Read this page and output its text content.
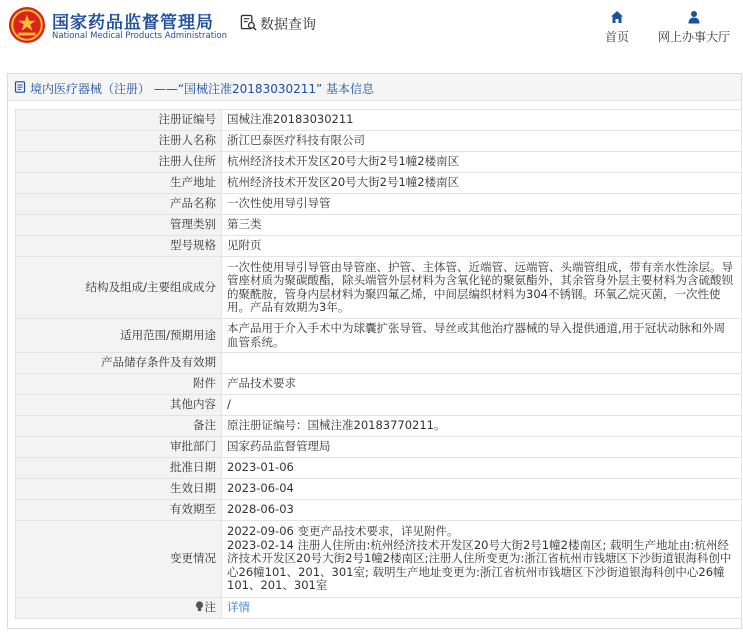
国家药品监督管理局
National Medical Products Administration
数据查询
首页	网上办事大厅
境内医疗器械（注册） ——“国械注准20183030211” 基本信息
注册证编号	国械注准20183030211
注册人名称	浙江巴泰医疗科技有限公司
注册人住所	杭州经济技术开发区20号大街2号1幢2楼南区
生产地址	杭州经济技术开发区20号大街2号1幢2楼南区
产品名称	一次性使用导引导管
管理类别	第三类
型号规格	见附页
结构及组成/主要组成成分	一次性使用导引导管由导管座、护管、主体管、近端管、远端管、头端管组成，带有亲水性涂层。导管座材质为聚碳酸酯，除头端管外层材料为含氧化铋的聚氨酯外，其余管身外层主要材料为含硫酸钡的聚酰胺，管身内层材料为聚四氟乙烯，中间层编织材料为304不锈钢。环氧乙烷灭菌，一次性使用。产品有效期为3年。
适用范围/预期用途	本产品用于介入手术中为球囊扩张导管、导丝或其他治疗器械的导入提供通道,用于冠状动脉和外周血管系统。
产品储存条件及有效期	
附件	产品技术要求
其他内容	/
备注	原注册证编号：国械注准20183770211。
审批部门	国家药品监督管理局
批准日期	2023-01-06
生效日期	2023-06-04
有效期至	2028-06-03
变更情况	2022-09-06 变更产品技术要求，详见附件。
2023-02-14 注册人住所由:杭州经济技术开发区20号大街2号1幢2楼南区; 载明生产地址由:杭州经济技术开发区20号大街2号1幢2楼南区;注册人住所变更为:浙江省杭州市钱塘区下沙街道银海科创中心26幢101、201、301室; 载明生产地址变更为:浙江省杭州市钱塘区下沙街道银海科创中心26幢101、201、301室

注	详情
